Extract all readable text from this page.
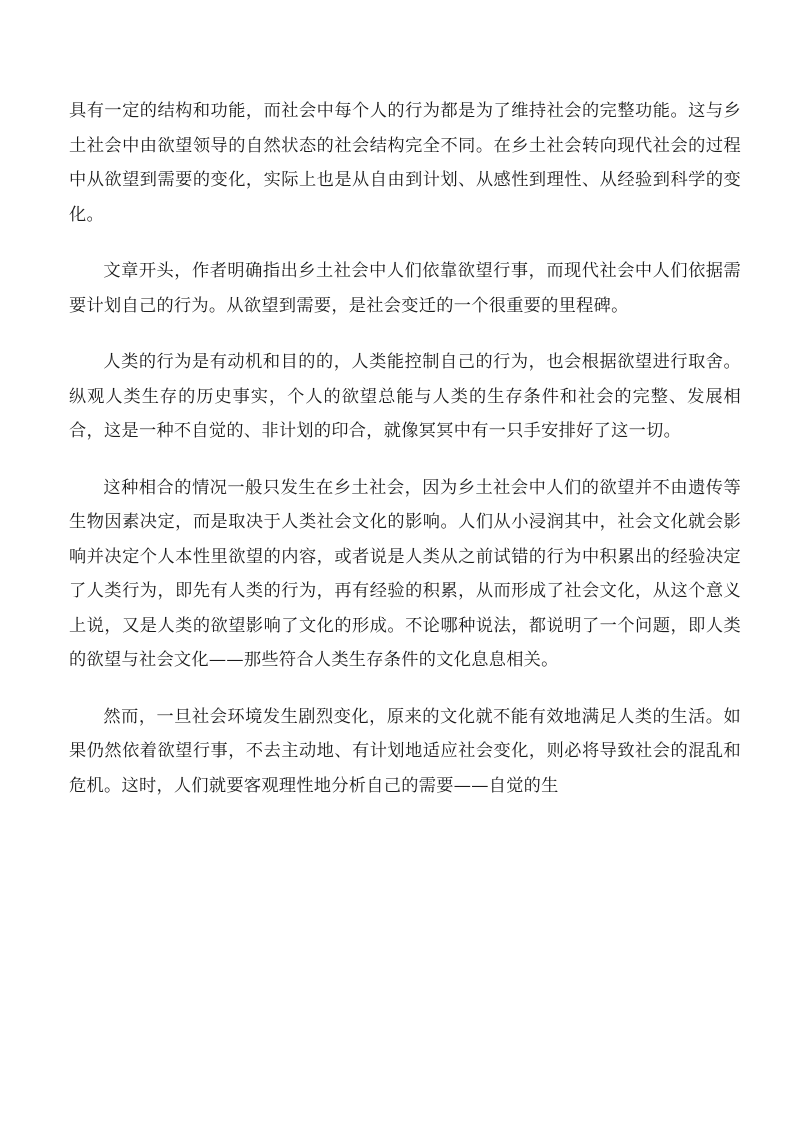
具有一定的结构和功能，而社会中每个人的行为都是为了维持社会的完整功能。这与乡土社会中由欲望领导的自然状态的社会结构完全不同。在乡土社会转向现代社会的过程中从欲望到需要的变化，实际上也是从自由到计划、从感性到理性、从经验到科学的变化。

文章开头，作者明确指出乡土社会中人们依靠欲望行事，而现代社会中人们依据需要计划自己的行为。从欲望到需要，是社会变迁的一个很重要的里程碑。

人类的行为是有动机和目的的，人类能控制自己的行为，也会根据欲望进行取舍。纵观人类生存的历史事实，个人的欲望总能与人类的生存条件和社会的完整、发展相合，这是一种不自觉的、非计划的印合，就像冥冥中有一只手安排好了这一切。

这种相合的情况一般只发生在乡土社会，因为乡土社会中人们的欲望并不由遗传等生物因素决定，而是取决于人类社会文化的影响。人们从小浸润其中，社会文化就会影响并决定个人本性里欲望的内容，或者说是人类从之前试错的行为中积累出的经验决定了人类行为，即先有人类的行为，再有经验的积累，从而形成了社会文化，从这个意义上说，又是人类的欲望影响了文化的形成。不论哪种说法，都说明了一个问题，即人类的欲望与社会文化——那些符合人类生存条件的文化息息相关。

然而，一旦社会环境发生剧烈变化，原来的文化就不能有效地满足人类的生活。如果仍然依着欲望行事，不去主动地、有计划地适应社会变化，则必将导致社会的混乱和危机。这时，人们就要客观理性地分析自己的需要——自觉的生
